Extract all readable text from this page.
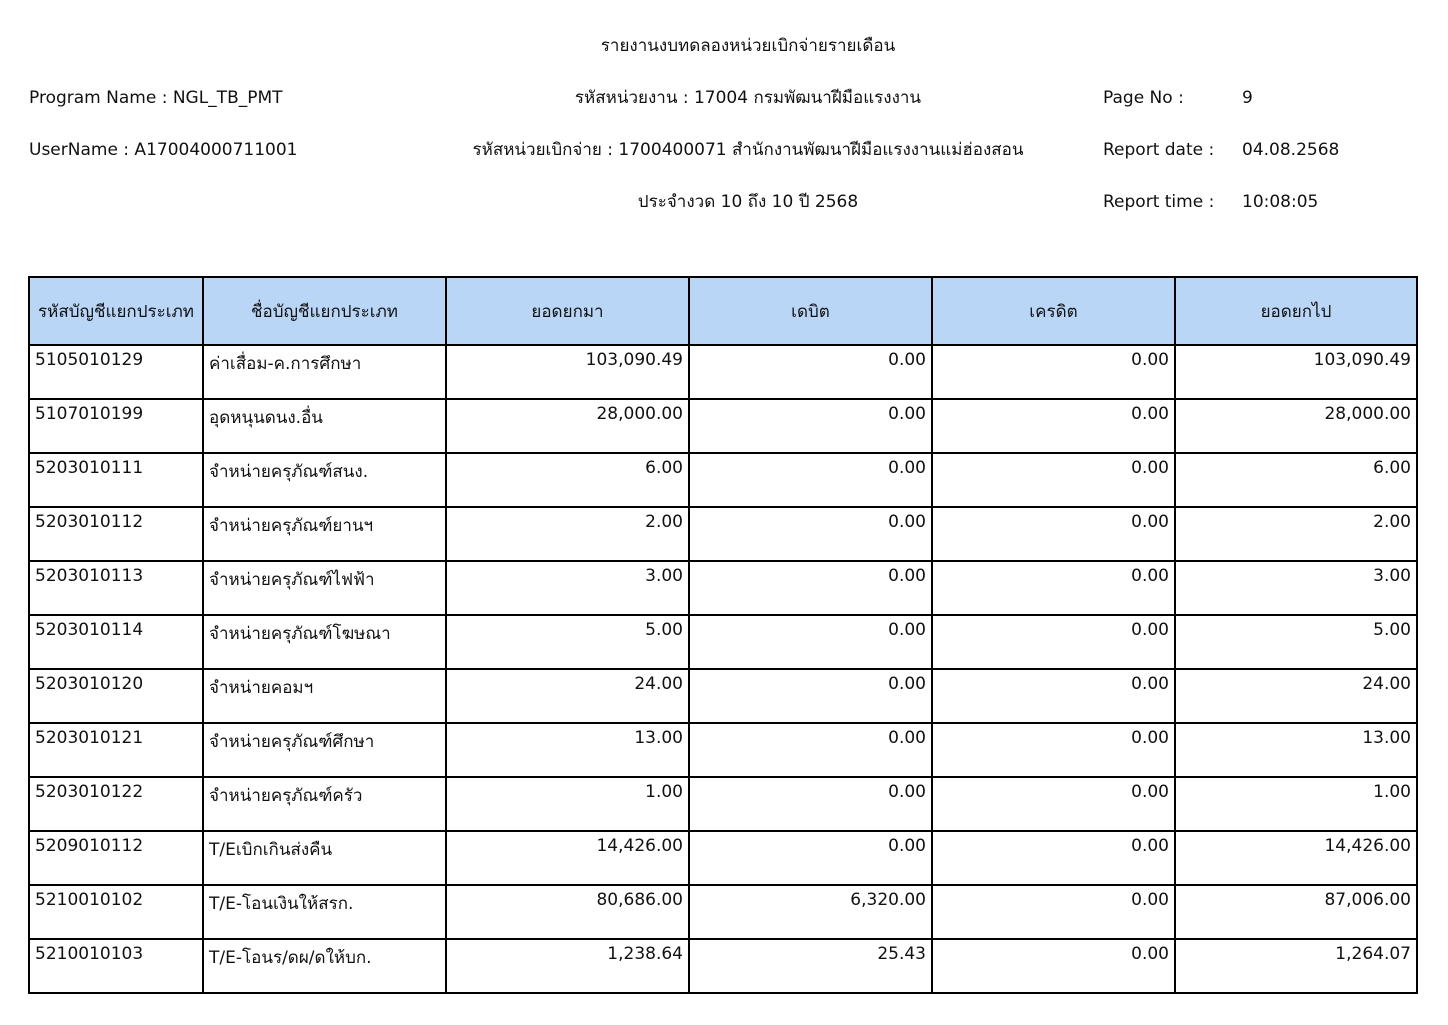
รายงานงบทดลองหน่วยเบิกจ่ายรายเดือน
Program Name : NGL_TB_PMT	รหัสหน่วยงาน : 17004 กรมพัฒนาฝีมือแรงงาน	Page No :	9
UserName : A17004000711001	รหัสหน่วยเบิกจ่าย : 1700400071 สำนักงานพัฒนาฝีมือแรงงานแม่ฮ่องสอน	Report date : 04.08.2568
ประจำงวด 10 ถึง 10 ปี 2568	Report time : 10:08:05
รหัสบัญชีแยกประเภท	ชื่อบัญชีแยกประเภท	ยอดยกมา	เดบิต	เครดิต	ยอดยกไป
5105010129	ค่าเสื่อม-ค.การศึกษา	103,090.49	0.00	0.00	103,090.49
5107010199	อุดหนุนดนง.อื่น	28,000.00	0.00	0.00	28,000.00
5203010111	จำหน่ายครุภัณฑ์สนง.	6.00	0.00	0.00	6.00
5203010112	จำหน่ายครุภัณฑ์ยานฯ	2.00	0.00	0.00	2.00
5203010113	จำหน่ายครุภัณฑ์ไฟฟ้า	3.00	0.00	0.00	3.00
5203010114	จำหน่ายครุภัณฑ์โฆษณา	5.00	0.00	0.00	5.00
5203010120	จำหน่ายคอมฯ	24.00	0.00	0.00	24.00
5203010121	จำหน่ายครุภัณฑ์ศึกษา	13.00	0.00	0.00	13.00
5203010122	จำหน่ายครุภัณฑ์ครัว	1.00	0.00	0.00	1.00
5209010112	T/Eเบิกเกินส่งคืน	14,426.00	0.00	0.00	14,426.00
5210010102	T/E-โอนเงินให้สรก.	80,686.00	6,320.00	0.00	87,006.00
5210010103	T/E-โอนร/ดผ/ดให้บก.	1,238.64	25.43	0.00	1,264.07
